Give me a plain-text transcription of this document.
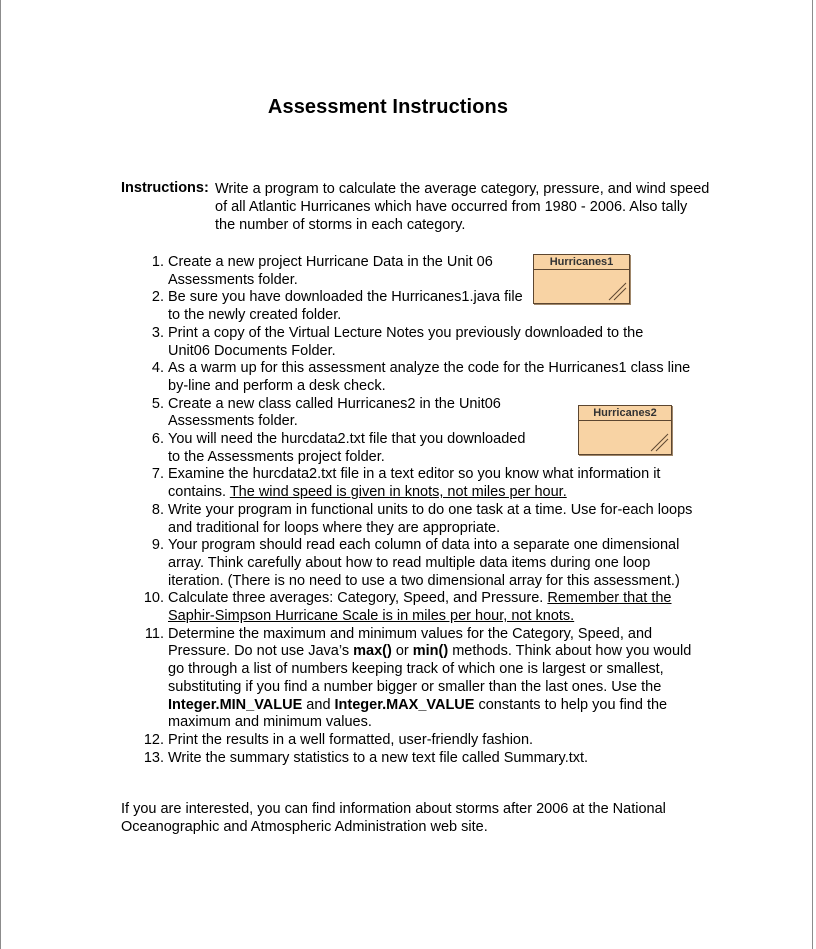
Assessment Instructions
Instructions: Write a program to calculate the average category, pressure, and wind speed of all Atlantic Hurricanes which have occurred from 1980 - 2006. Also tally the number of storms in each category.
1. Create a new project Hurricane Data in the Unit 06 Assessments folder.
2. Be sure you have downloaded the Hurricanes1.java file to the newly created folder.
3. Print a copy of the Virtual Lecture Notes you previously downloaded to the Unit06 Documents Folder.
4. As a warm up for this assessment analyze the code for the Hurricanes1 class line by-line and perform a desk check.
5. Create a new class called Hurricanes2 in the Unit06 Assessments folder.
6. You will need the hurcdata2.txt file that you downloaded to the Assessments project folder.
7. Examine the hurcdata2.txt file in a text editor so you know what information it contains. The wind speed is given in knots, not miles per hour.
8. Write your program in functional units to do one task at a time. Use for-each loops and traditional for loops where they are appropriate.
9. Your program should read each column of data into a separate one dimensional array. Think carefully about how to read multiple data items during one loop iteration. (There is no need to use a two dimensional array for this assessment.)
10. Calculate three averages: Category, Speed, and Pressure. Remember that the Saphir-Simpson Hurricane Scale is in miles per hour, not knots.
11. Determine the maximum and minimum values for the Category, Speed, and Pressure. Do not use Java’s max() or min() methods. Think about how you would go through a list of numbers keeping track of which one is largest or smallest, substituting if you find a number bigger or smaller than the last ones. Use the Integer.MIN_VALUE and Integer.MAX_VALUE constants to help you find the maximum and minimum values.
12. Print the results in a well formatted, user-friendly fashion.
13. Write the summary statistics to a new text file called Summary.txt.
If you are interested, you can find information about storms after 2006 at the National Oceanographic and Atmospheric Administration web site.
Hurricanes1
Hurricanes2
